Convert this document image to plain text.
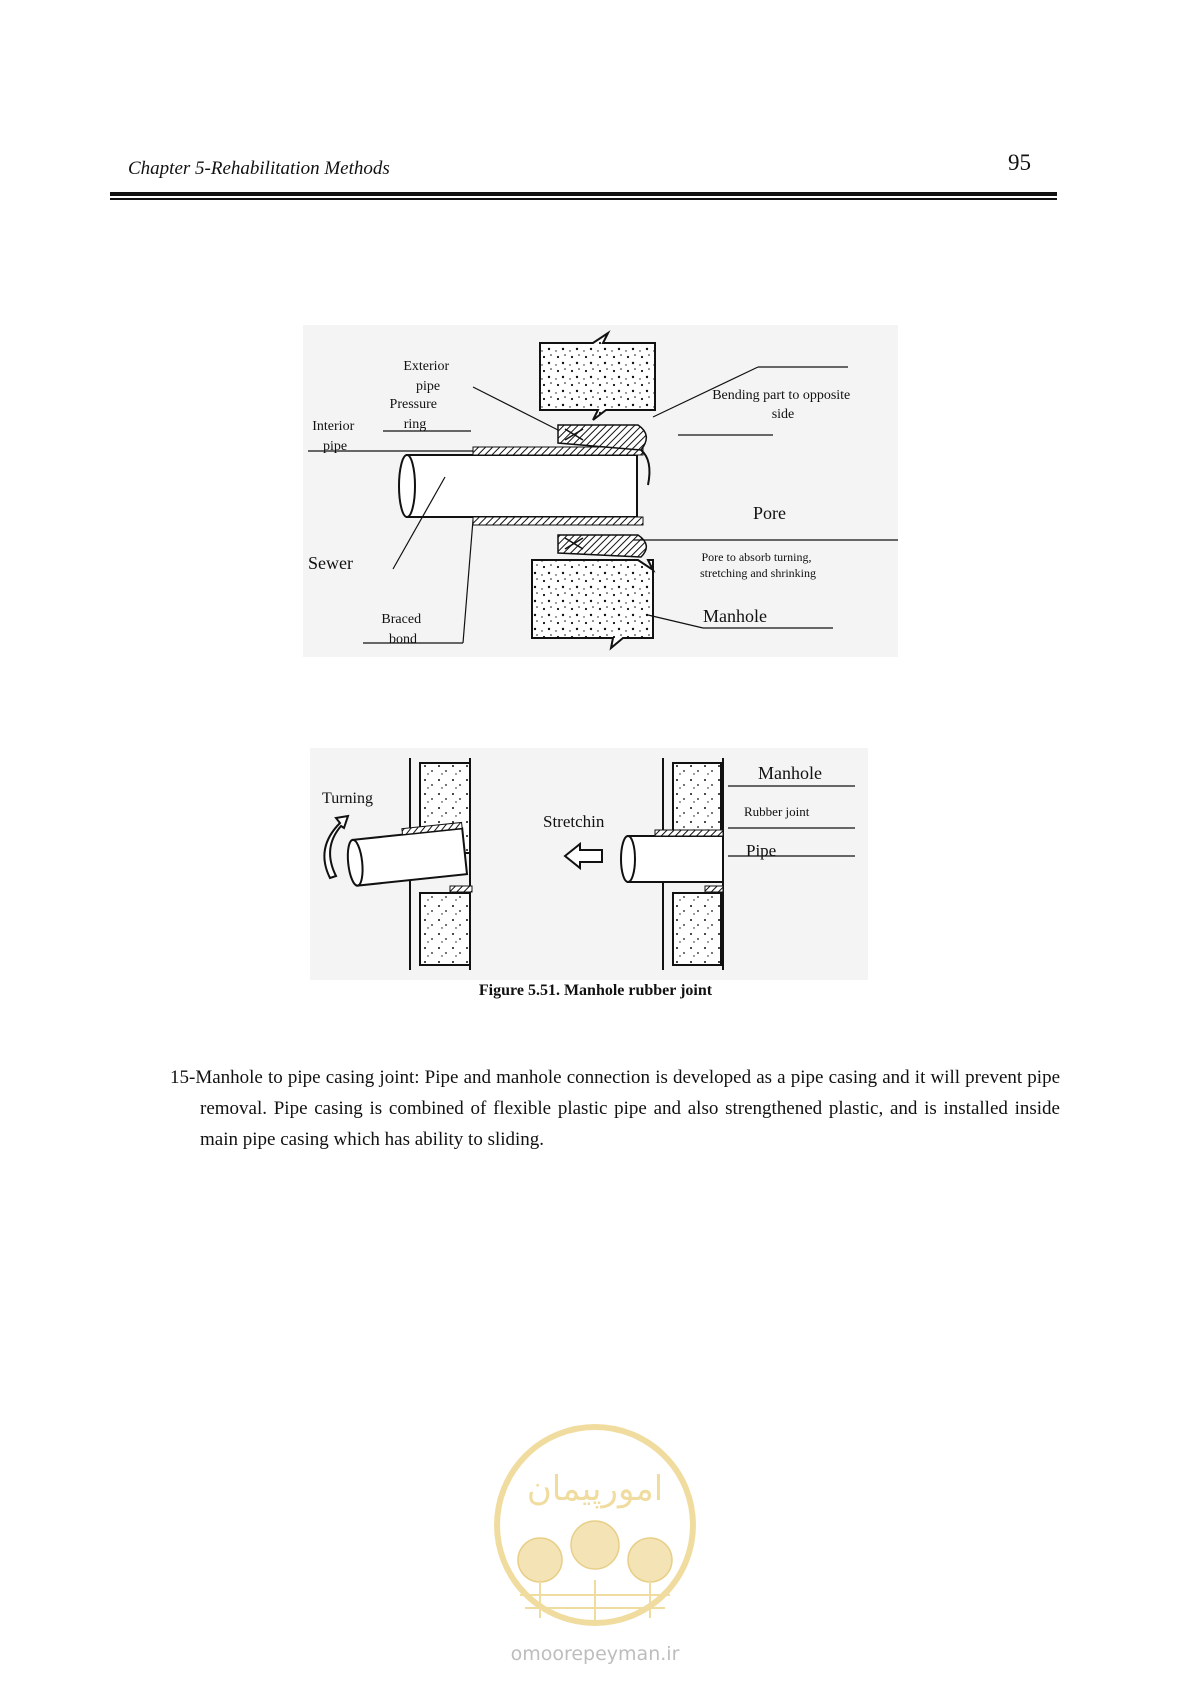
Chapter 5-Rehabilitation Methods	95
Exterior pipe
Pressure ring
Interior pipe
Bending part to opposite side
Pore
Pore to absorb turning, stretching and shrinking
Sewer
Braced bond
Manhole
Turning
Stretchin
Manhole
Rubber joint
Pipe
Figure 5.51. Manhole rubber joint

15-Manhole to pipe casing joint: Pipe and manhole connection is developed as a pipe casing and it will prevent pipe removal. Pipe casing is combined of flexible plastic pipe and also strengthened plastic, and is installed inside main pipe casing which has ability to sliding.

امورپیمان
omoorepeyman.ir
